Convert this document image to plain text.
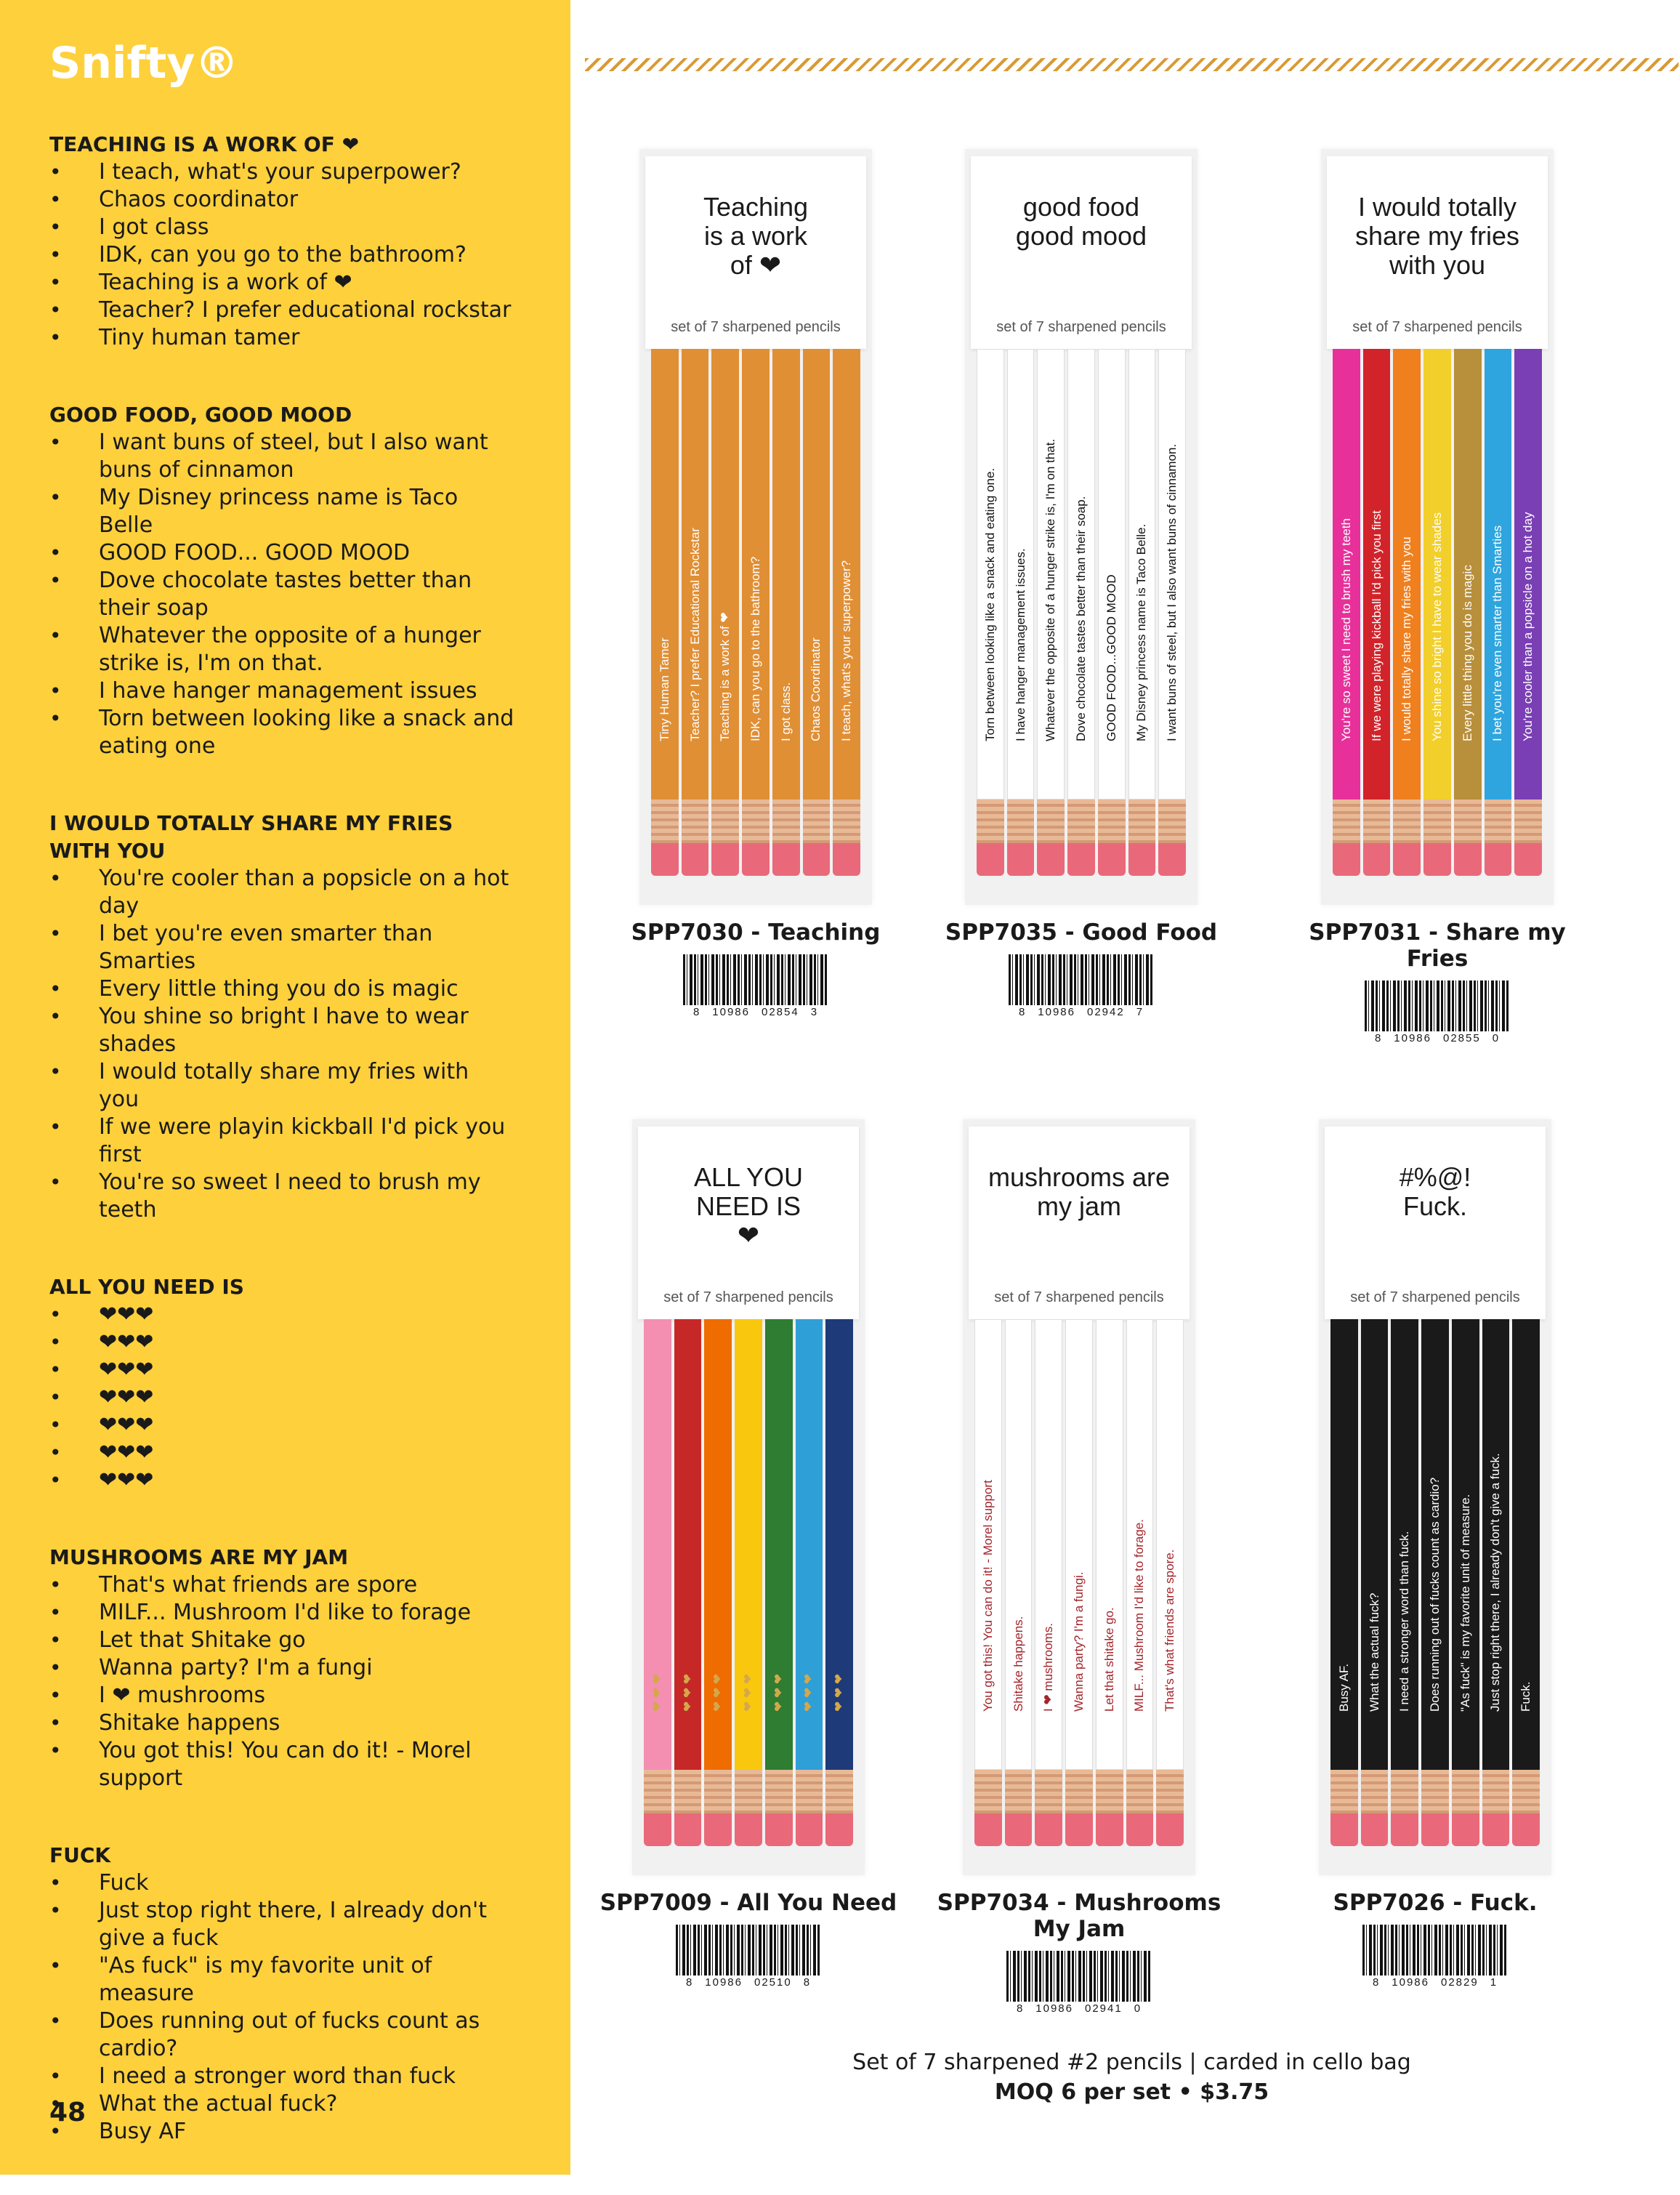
Snifty®
TEACHING IS A WORK OF ❤
• I teach, what's your superpower?
• Chaos coordinator
• I got class
• IDK, can you go to the bathroom?
• Teaching is a work of ❤
• Teacher? I prefer educational rockstar
• Tiny human tamer
GOOD FOOD, GOOD MOOD
• I want buns of steel, but I also want buns of cinnamon
• My Disney princess name is Taco Belle
• GOOD FOOD... GOOD MOOD
• Dove chocolate tastes better than their soap
• Whatever the opposite of a hunger strike is, I'm on that.
• I have hanger management issues
• Torn between looking like a snack and eating one
I WOULD TOTALLY SHARE MY FRIES WITH YOU
• You're cooler than a popsicle on a hot day
• I bet you're even smarter than Smarties
• Every little thing you do is magic
• You shine so bright I have to wear shades
• I would totally share my fries with you
• If we were playin kickball I'd pick you first
• You're so sweet I need to brush my teeth
ALL YOU NEED IS
• ❤❤❤
• ❤❤❤
• ❤❤❤
• ❤❤❤
• ❤❤❤
• ❤❤❤
• ❤❤❤
MUSHROOMS ARE MY JAM
• That's what friends are spore
• MILF... Mushroom I'd like to forage
• Let that Shitake go
• Wanna party? I'm a fungi
• I ❤ mushrooms
• Shitake happens
• You got this! You can do it! - Morel support
FUCK
• Fuck
• Just stop right there, I already don't give a fuck
• "As fuck" is my favorite unit of measure
• Does running out of fucks count as cardio?
• I need a stronger word than fuck
• What the actual fuck?
• Busy AF
48
Teaching
is a work
of ❤
set of 7 sharpened pencils
Tiny Human Tamer	Teacher? I prefer Educational Rockstar	Teaching is a work of ❤	IDK, can you go to the bathroom?	I got class.	Chaos Coordinator	I teach, what's your superpower?
SPP7030 - Teaching
8 10986 02854 3
good food
good mood
set of 7 sharpened pencils
Torn between looking like a snack and eating one.	I have hanger management issues.	Whatever the opposite of a hunger strike is, I'm on that.	Dove chocolate tastes better than their soap.	GOOD FOOD...GOOD MOOD	My Disney princess name is Taco Belle.	I want buns of steel, but I also want buns of cinnamon.
SPP7035 - Good Food
8 10986 02942 7
I would totally
share my fries
with you
set of 7 sharpened pencils
You're so sweet I need to brush my teeth	If we were playing kickball I'd pick you first	I would totally share my fries with you	You shine so bright I have to wear shades	Every little thing you do is magic	I bet you're even smarter than Smarties	You're cooler than a popsicle on a hot day
SPP7031 - Share my Fries
8 10986 02855 0
ALL YOU
NEED IS
❤
set of 7 sharpened pencils
❤ ❤ ❤	❤ ❤ ❤	❤ ❤ ❤	❤ ❤ ❤	❤ ❤ ❤	❤ ❤ ❤	❤ ❤ ❤
SPP7009 - All You Need
8 10986 02510 8
mushrooms are my jam
set of 7 sharpened pencils
You got this! You can do it! - Morel support	Shitake happens.	I ❤ mushrooms.	Wanna party? I'm a fungi.	Let that shitake go.	MILF... Mushroom I'd like to forage.	That's what friends are spore.
SPP7034 - Mushrooms My Jam
8 10986 02941 0
#%@!
Fuck.
set of 7 sharpened pencils
Busy AF.	What the actual fuck?	I need a stronger word than fuck.	Does running out of fucks count as cardio?	"As fuck" is my favorite unit of measure.	Just stop right there, I already don't give a fuck.	Fuck.
SPP7026 - Fuck.
8 10986 02829 1
Set of 7 sharpened #2 pencils | carded in cello bag
MOQ 6 per set • $3.75
